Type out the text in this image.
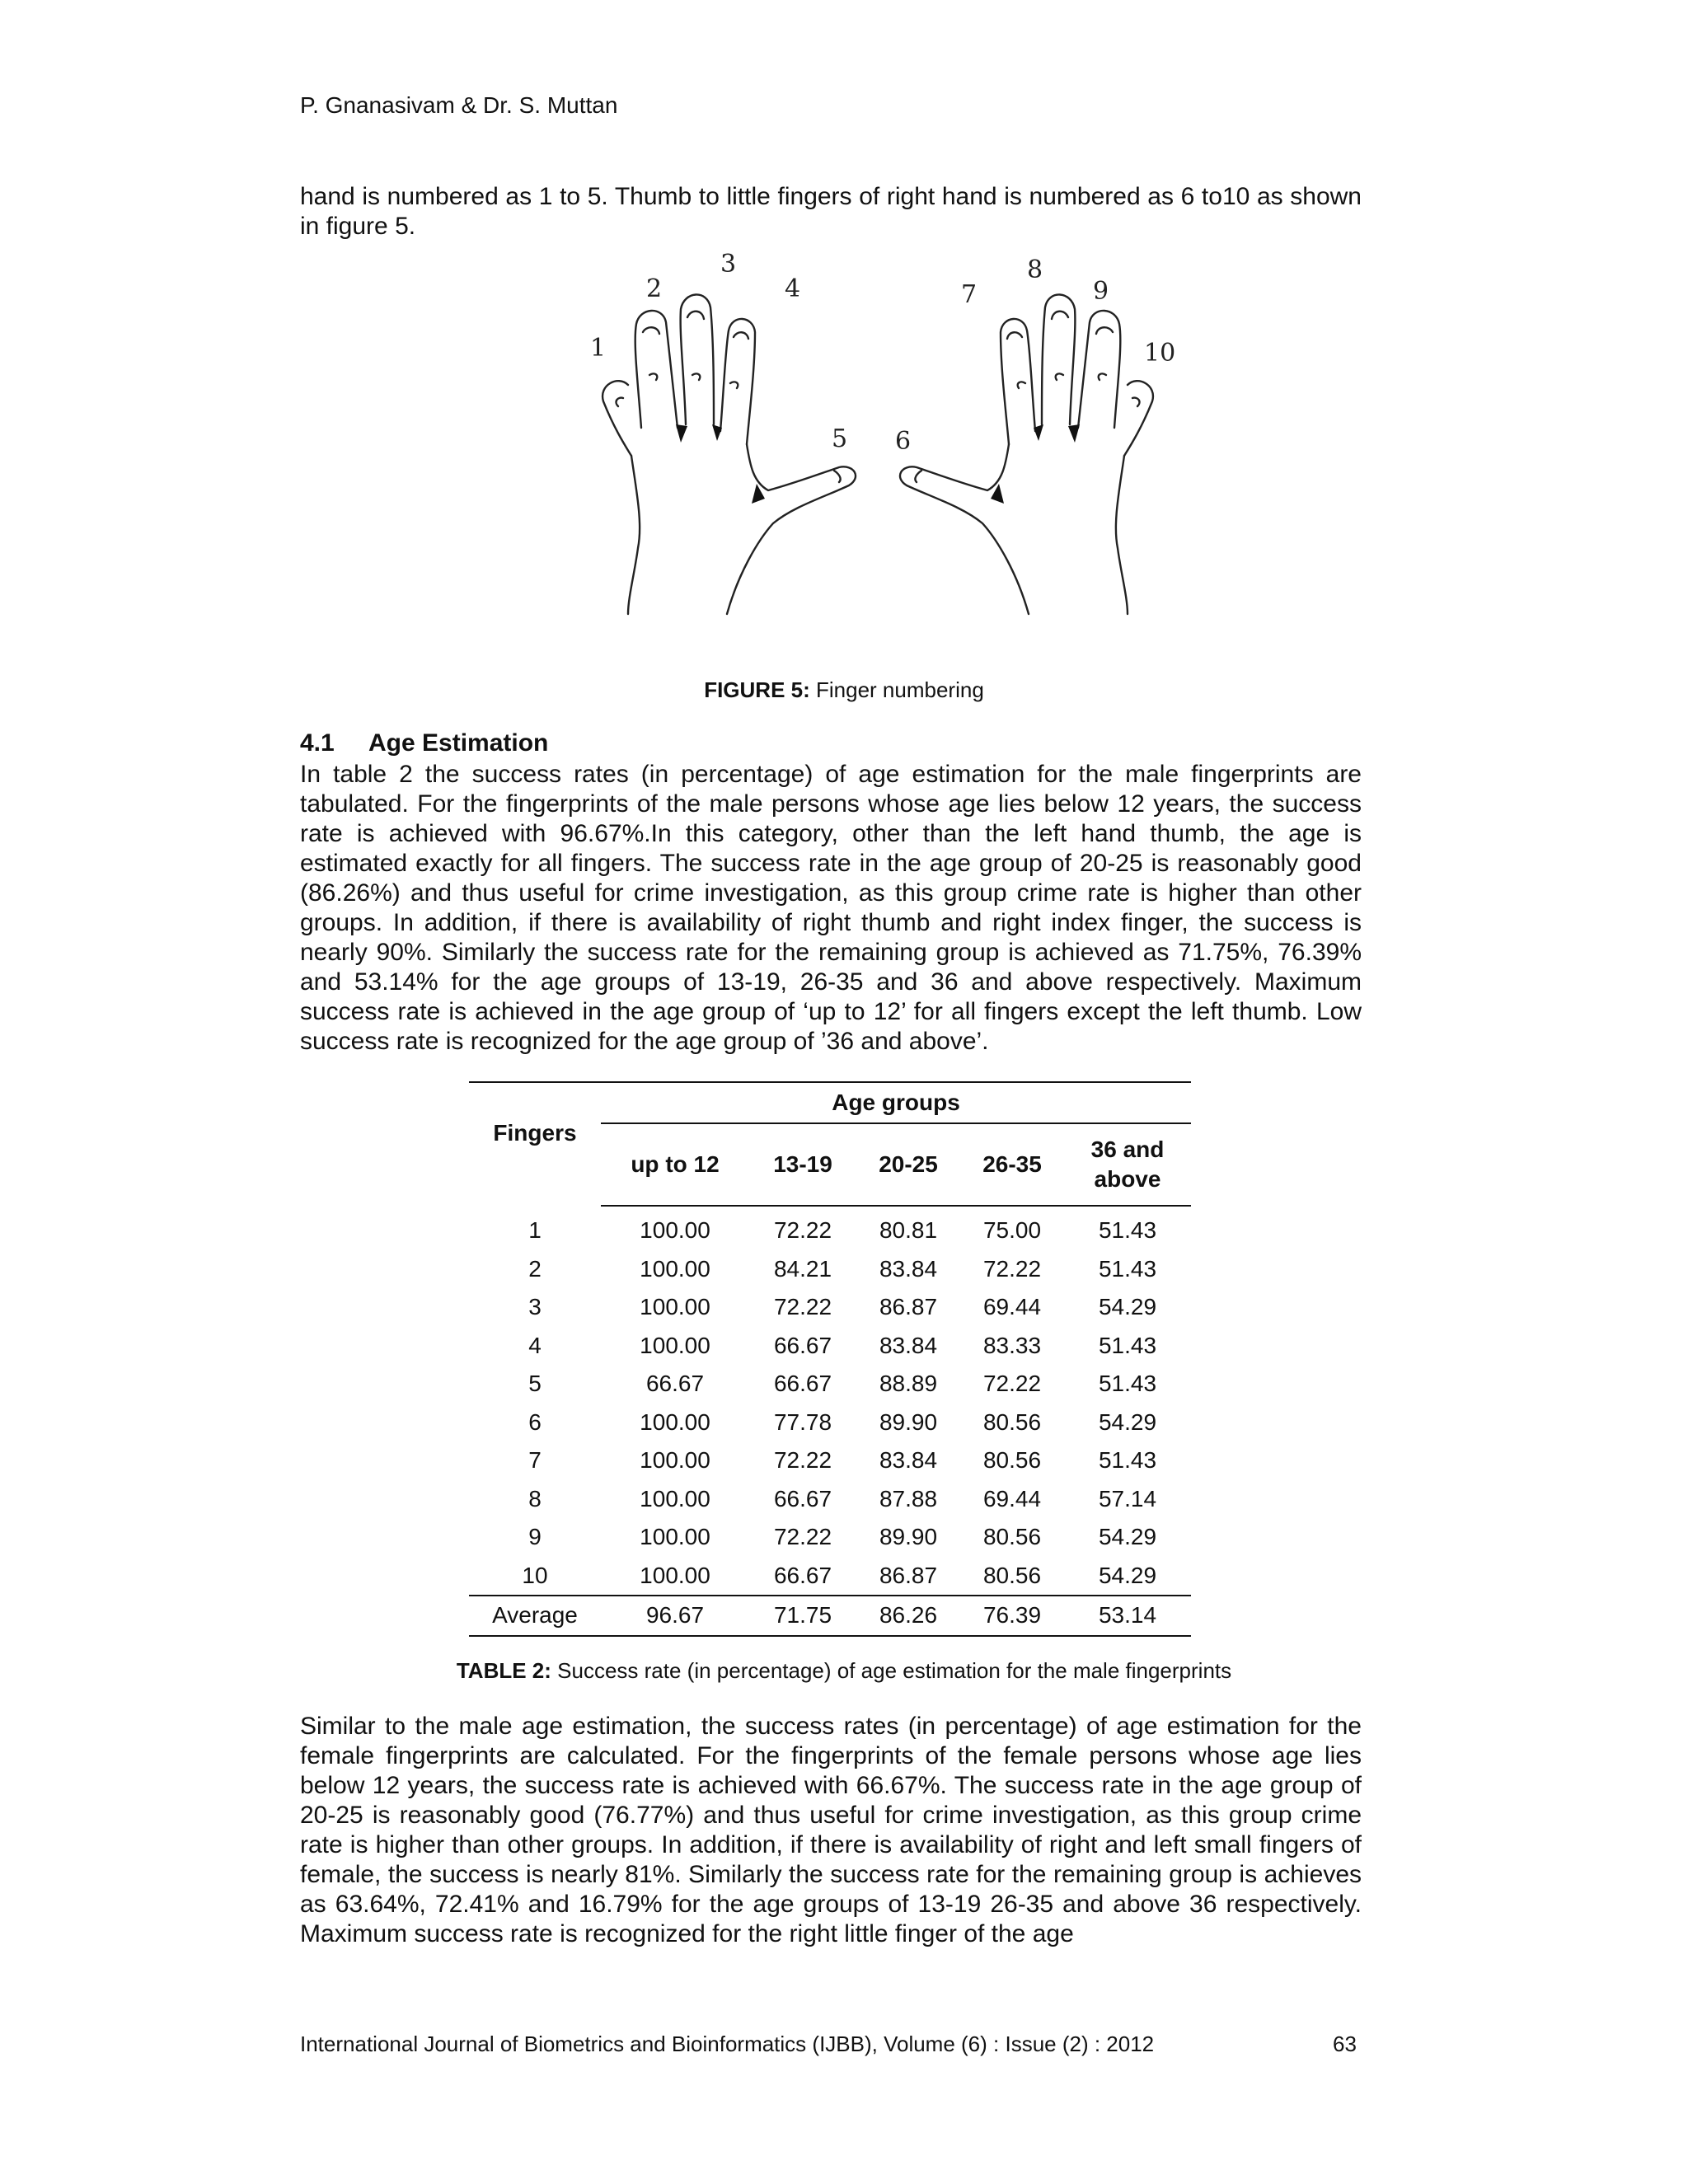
P. Gnanasivam & Dr. S. Muttan
hand is numbered as 1 to 5. Thumb to little fingers of right hand is numbered as 6 to10 as shown in figure 5.
1
2
3
4
5 6
7
8
9
10
FIGURE 5: Finger numbering
4.1 Age Estimation
In table 2 the success rates (in percentage) of age estimation for the male fingerprints are tabulated. For the fingerprints of the male persons whose age lies below 12 years, the success rate is achieved with 96.67%.In this category, other than the left hand thumb, the age is estimated exactly for all fingers. The success rate in the age group of 20-25 is reasonably good (86.26%) and thus useful for crime investigation, as this group crime rate is higher than other groups. In addition, if there is availability of right thumb and right index finger, the success is nearly 90%. Similarly the success rate for the remaining group is achieved as 71.75%, 76.39% and 53.14% for the age groups of 13-19, 26-35 and 36 and above respectively. Maximum success rate is achieved in the age group of ‘up to 12’ for all fingers except the left thumb. Low success rate is recognized for the age group of ’36 and above’.
Fingers	Age groups				
	up to 12	13-19	20-25	26-35	36 and above
1	100.00	72.22	80.81	75.00	51.43
2	100.00	84.21	83.84	72.22	51.43
3	100.00	72.22	86.87	69.44	54.29
4	100.00	66.67	83.84	83.33	51.43
5	66.67	66.67	88.89	72.22	51.43
6	100.00	77.78	89.90	80.56	54.29
7	100.00	72.22	83.84	80.56	51.43
8	100.00	66.67	87.88	69.44	57.14
9	100.00	72.22	89.90	80.56	54.29
10	100.00	66.67	86.87	80.56	54.29
Average	96.67	71.75	86.26	76.39	53.14
TABLE 2: Success rate (in percentage) of age estimation for the male fingerprints
Similar to the male age estimation, the success rates (in percentage) of age estimation for the female fingerprints are calculated. For the fingerprints of the female persons whose age lies below 12 years, the success rate is achieved with 66.67%. The success rate in the age group of 20-25 is reasonably good (76.77%) and thus useful for crime investigation, as this group crime rate is higher than other groups. In addition, if there is availability of right and left small fingers of female, the success is nearly 81%. Similarly the success rate for the remaining group is achieves as 63.64%, 72.41% and 16.79% for the age groups of 13-19 26-35 and above 36 respectively. Maximum success rate is recognized for the right little finger of the age
International Journal of Biometrics and Bioinformatics (IJBB), Volume (6) : Issue (2) : 2012	63
